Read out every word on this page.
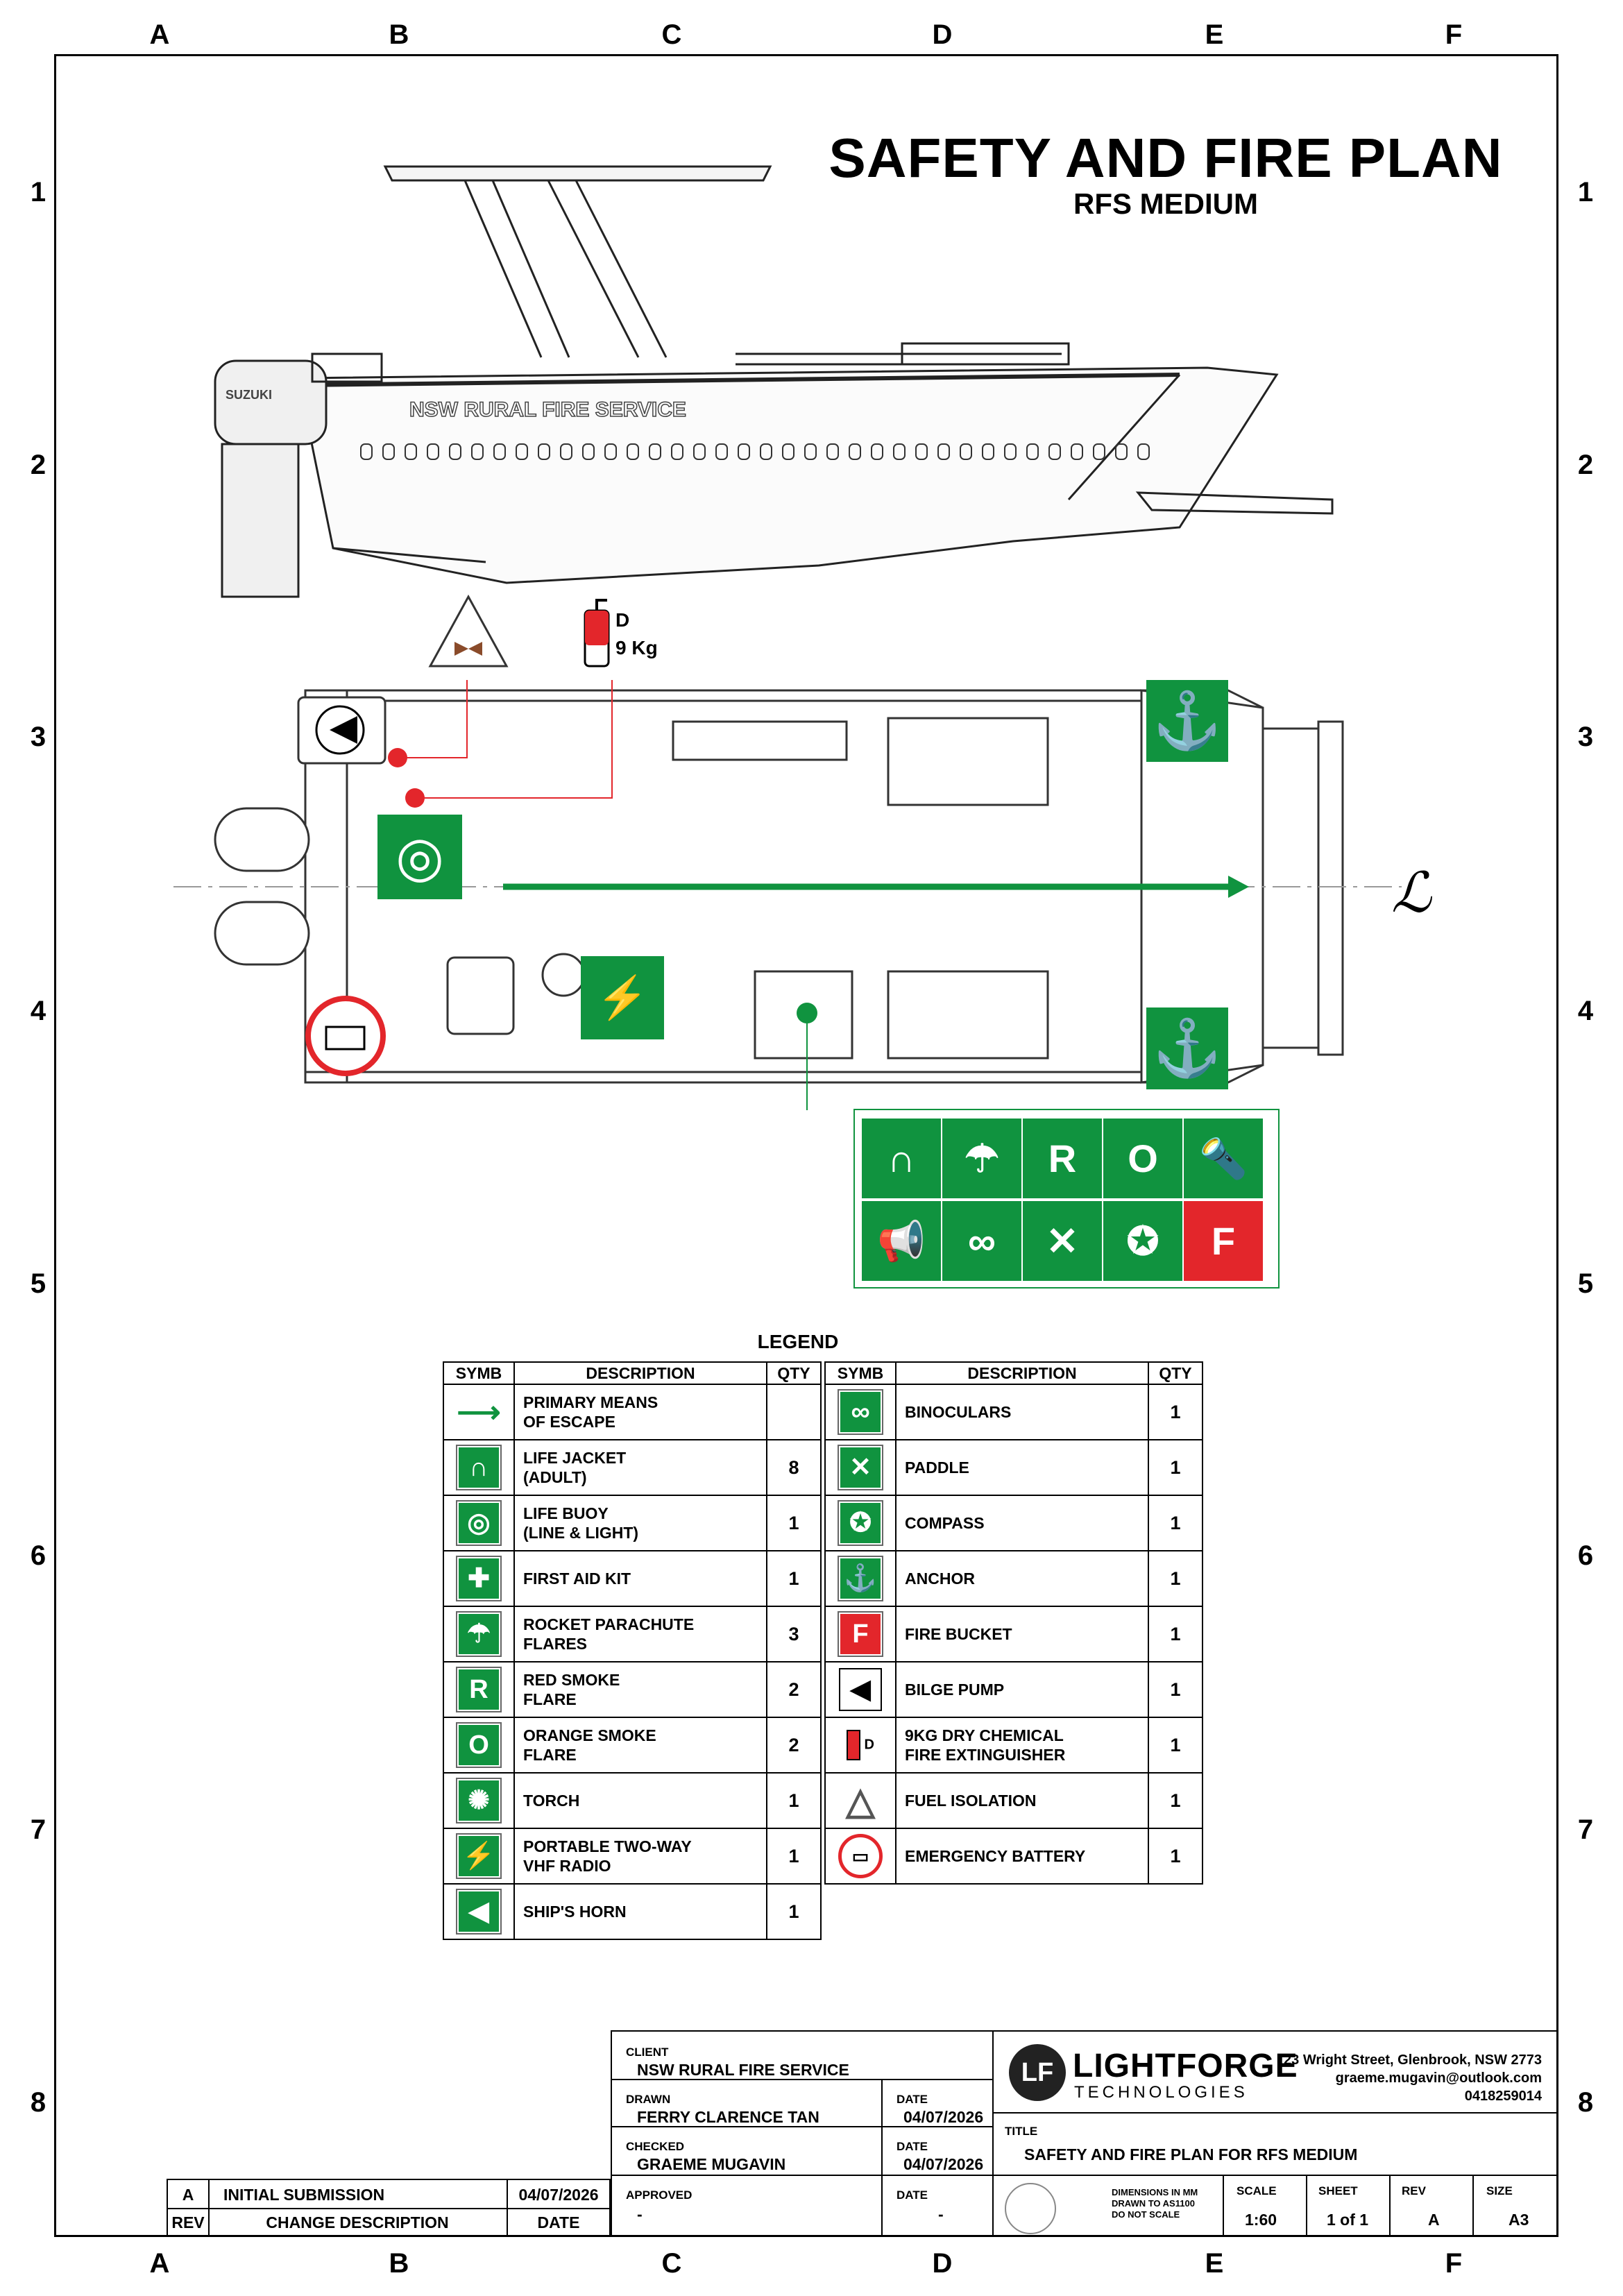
A
A
B
B
C
C
D
D
E
E
F
F
1	1
2	2
3	3
4	4
5	5
6	6
7	7
8	8
SAFETY AND FIRE PLAN
RFS MEDIUM
NSW RURAL FIRE SERVICE
SUZUKI
D
9 Kg
ℒ
◎
⚡
⚓
⚓
∩	☂	R	O	🔦
📢	∞	✕	✪	F
LEGEND
SYMB	DESCRIPTION	QTY
⟶	PRIMARY MEANS
OF ESCAPE	

∩	LIFE JACKET
(ADULT)	8
◎	LIFE BUOY
(LINE & LIGHT)	1
✚	FIRST AID KIT	1
☂	ROCKET PARACHUTE
FLARES	3
R	RED SMOKE
FLARE	2
O	ORANGE SMOKE
FLARE	2
✺	TORCH	1
⚡	PORTABLE TWO-WAY
VHF RADIO	1
◀	SHIP'S HORN	1
SYMB	DESCRIPTION	QTY
∞	BINOCULARS	1
✕	PADDLE	1
✪	COMPASS	1
⚓	ANCHOR	1
F	FIRE BUCKET	1
◀	BILGE PUMP	1
D	9KG DRY CHEMICAL
FIRE EXTINGUISHER	1
△	FUEL ISOLATION	1
▭	EMERGENCY BATTERY	1
A	INITIAL SUBMISSION	04/07/2026
REV	CHANGE DESCRIPTION	DATE
CLIENT
NSW RURAL FIRE SERVICE
DRAWN
FERRY CLARENCE TAN
CHECKED
GRAEME MUGAVIN
APPROVED
-
DATE
04/07/2026
DATE
04/07/2026
DATE
-
LF LIGHTFORGE
TECHNOLOGIES
23 Wright Street, Glenbrook, NSW 2773
graeme.mugavin@outlook.com
0418259014
TITLE
SAFETY AND FIRE PLAN FOR RFS MEDIUM
DIMENSIONS IN MM
DRAWN TO AS1100
DO NOT SCALE
SCALE
1:60
SHEET
1 of 1
REV
A
SIZE
A3
